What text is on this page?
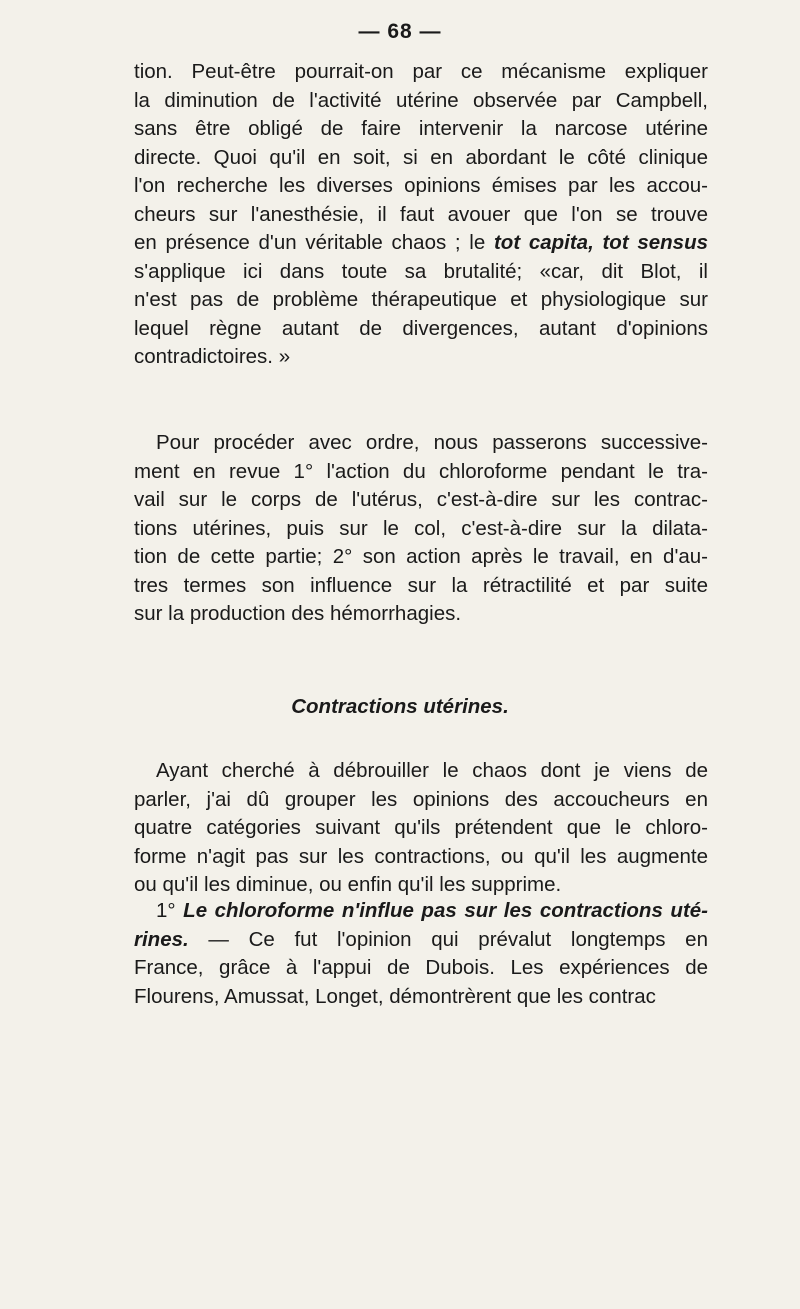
— 68 —
tion. Peut-être pourrait-on par ce mécanisme expliquer
la diminution de l'activité utérine observée par Campbell,
sans être obligé de faire intervenir la narcose utérine
directe. Quoi qu'il en soit, si en abordant le côté clinique
l'on recherche les diverses opinions émises par les accou-
cheurs sur l'anesthésie, il faut avouer que l'on se trouve
en présence d'un véritable chaos ; le tot capita, tot sensus
s'applique ici dans toute sa brutalité; «car, dit Blot, il
n'est pas de problème thérapeutique et physiologique sur
lequel règne autant de divergences, autant d'opinions
contradictoires. »
Pour procéder avec ordre, nous passerons successive-
ment en revue 1° l'action du chloroforme pendant le tra-
vail sur le corps de l'utérus, c'est-à-dire sur les contrac-
tions utérines, puis sur le col, c'est-à-dire sur la dilata-
tion de cette partie; 2° son action après le travail, en d'au-
tres termes son influence sur la rétractilité et par suite
sur la production des hémorrhagies.
Contractions utérines.
Ayant cherché à débrouiller le chaos dont je viens de
parler, j'ai dû grouper les opinions des accoucheurs en
quatre catégories suivant qu'ils prétendent que le chloro-
forme n'agit pas sur les contractions, ou qu'il les augmente
ou qu'il les diminue, ou enfin qu'il les supprime.
1° Le chloroforme n'influe pas sur les contractions uté-
rines. — Ce fut l'opinion qui prévalut longtemps en
France, grâce à l'appui de Dubois. Les expériences de
Flourens, Amussat, Longet, démontrèrent que les contrac
